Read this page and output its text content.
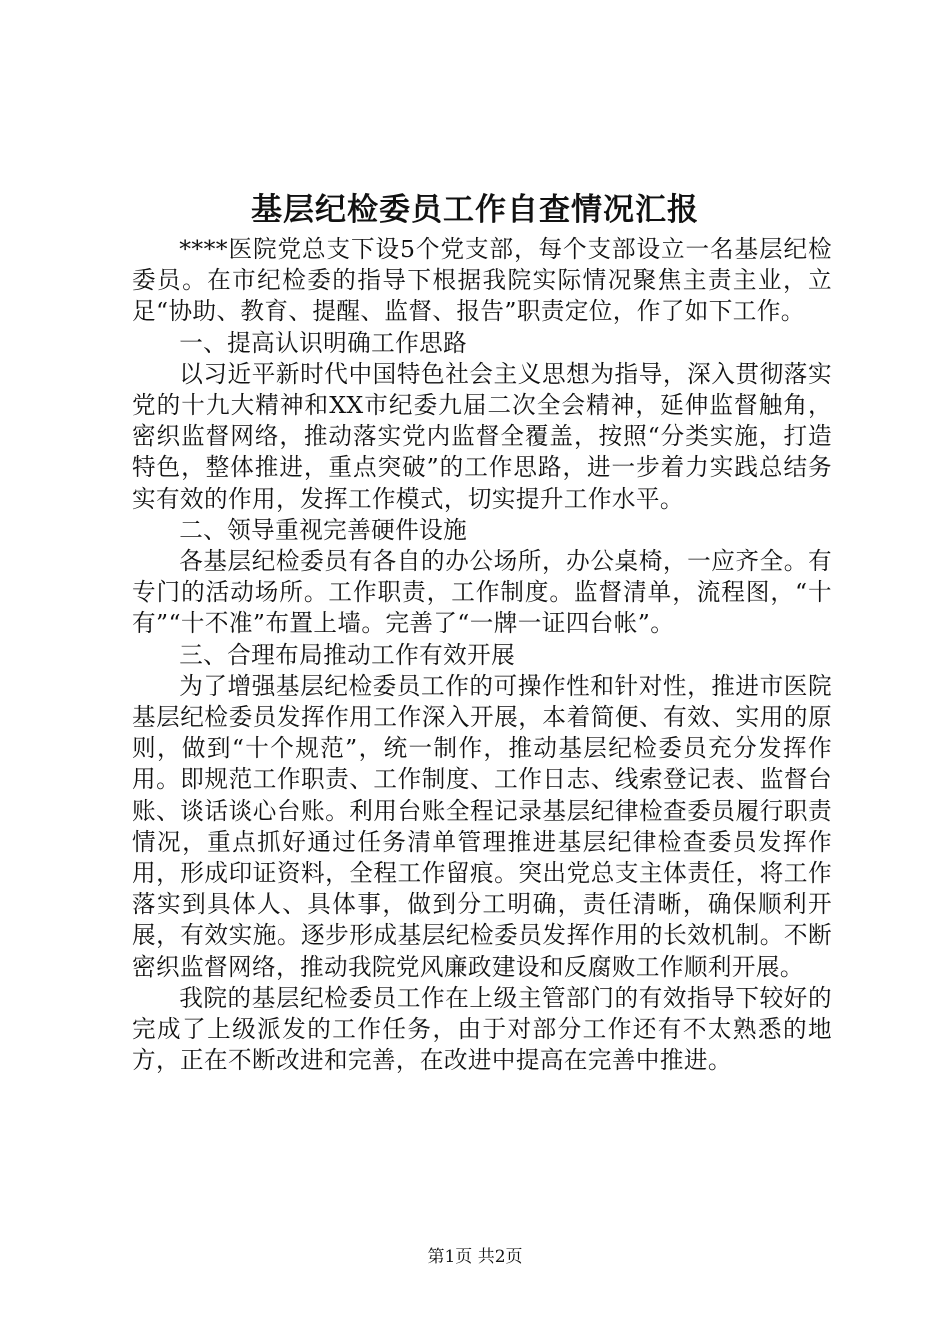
基层纪检委员工作自查情况汇报

****医院党总支下设5个党支部，每个支部设立一名基层纪检委员。在市纪检委的指导下根据我院实际情况聚焦主责主业，立足“协助、教育、提醒、监督、报告”职责定位，作了如下工作。

一、提高认识明确工作思路

以习近平新时代中国特色社会主义思想为指导，深入贯彻落实党的十九大精神和XX市纪委九届二次全会精神，延伸监督触角，密织监督网络，推动落实党内监督全覆盖，按照“分类实施，打造特色，整体推进，重点突破”的工作思路，进一步着力实践总结务实有效的作用，发挥工作模式，切实提升工作水平。

二、领导重视完善硬件设施

各基层纪检委员有各自的办公场所，办公桌椅，一应齐全。有专门的活动场所。工作职责，工作制度。监督清单，流程图，“十有”“十不准”布置上墙。完善了“一牌一证四台帐”。

三、合理布局推动工作有效开展

为了增强基层纪检委员工作的可操作性和针对性，推进市医院基层纪检委员发挥作用工作深入开展，本着简便、有效、实用的原则，做到“十个规范”，统一制作，推动基层纪检委员充分发挥作用。即规范工作职责、工作制度、工作日志、线索登记表、监督台账、谈话谈心台账。利用台账全程记录基层纪律检查委员履行职责情况，重点抓好通过任务清单管理推进基层纪律检查委员发挥作用，形成印证资料，全程工作留痕。突出党总支主体责任，将工作落实到具体人、具体事，做到分工明确，责任清晰，确保顺利开展，有效实施。逐步形成基层纪检委员发挥作用的长效机制。不断密织监督网络，推动我院党风廉政建设和反腐败工作顺利开展。

我院的基层纪检委员工作在上级主管部门的有效指导下较好的完成了上级派发的工作任务，由于对部分工作还有不太熟悉的地方，正在不断改进和完善，在改进中提高在完善中推进。

第1页 共2页
